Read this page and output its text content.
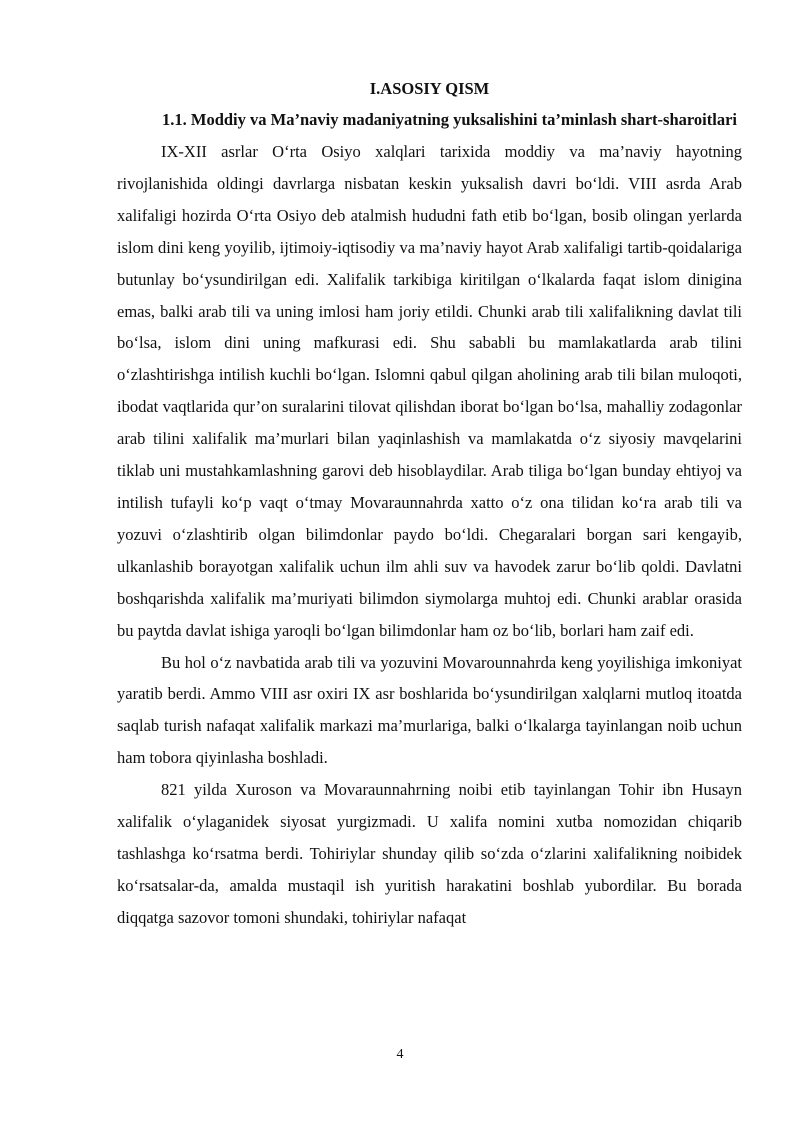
I.ASOSIY QISM

1.1. Moddiy va Ma’naviy madaniyatning yuksalishini ta’minlash shart-sharoitlari

IX-XII asrlar O‘rta Osiyo xalqlari tarixida moddiy va ma’naviy hayotning rivojlanishida oldingi davrlarga nisbatan keskin yuksalish davri bo‘ldi. VIII asrda Arab xalifaligi hozirda O‘rta Osiyo deb atalmish hududni fath etib bo‘lgan, bosib olingan yerlarda islom dini keng yoyilib, ijtimoiy-iqtisodiy va ma’naviy hayot Arab xalifaligi tartib-qoidalariga butunlay bo‘ysundirilgan edi. Xalifalik tarkibiga kiritilgan o‘lkalarda faqat islom dinigina emas, balki arab tili va uning imlosi ham joriy etildi. Chunki arab tili xalifalikning davlat tili bo‘lsa, islom dini uning mafkurasi edi. Shu sababli bu mamlakatlarda arab tilini o‘zlashtirishga intilish kuchli bo‘lgan. Islomni qabul qilgan aholining arab tili bilan muloqoti, ibodat vaqtlarida qur’on suralarini tilovat qilishdan iborat bo‘lgan bo‘lsa, mahalliy zodagonlar arab tilini xalifalik ma’murlari bilan yaqinlashish va mamlakatda o‘z siyosiy mavqelarini tiklab uni mustahkamlashning garovi deb hisoblaydilar. Arab tiliga bo‘lgan bunday ehtiyoj va intilish tufayli ko‘p vaqt o‘tmay Movaraunnahrda xatto o‘z ona tilidan ko‘ra arab tili va yozuvi o‘zlashtirib olgan bilimdonlar paydo bo‘ldi. Chegaralari borgan sari kengayib, ulkanlashib borayotgan xalifalik uchun ilm ahli suv va havodek zarur bo‘lib qoldi. Davlatni boshqarishda xalifalik ma’muriyati bilimdon siymolarga muhtoj edi. Chunki arablar orasida bu paytda davlat ishiga yaroqli bo‘lgan bilimdonlar ham oz bo‘lib, borlari ham zaif edi.

Bu hol o‘z navbatida arab tili va yozuvini Movarounnahrda keng yoyilishiga imkoniyat yaratib berdi. Ammo VIII asr oxiri IX asr boshlarida bo‘ysundirilgan xalqlarni mutloq itoatda saqlab turish nafaqat xalifalik markazi ma’murlariga, balki o‘lkalarga tayinlangan noib uchun ham tobora qiyinlasha boshladi.

821 yilda Xuroson va Movaraunnahrning noibi etib tayinlangan Tohir ibn Husayn xalifalik o‘ylaganidek siyosat yurgizmadi. U xalifa nomini xutba nomozidan chiqarib tashlashga ko‘rsatma berdi. Tohiriylar shunday qilib so‘zda o‘zlarini xalifalikning noibidek ko‘rsatsalar-da, amalda mustaqil ish yuritish harakatini boshlab yubordilar. Bu borada diqqatga sazovor tomoni shundaki, tohiriylar nafaqat

4
